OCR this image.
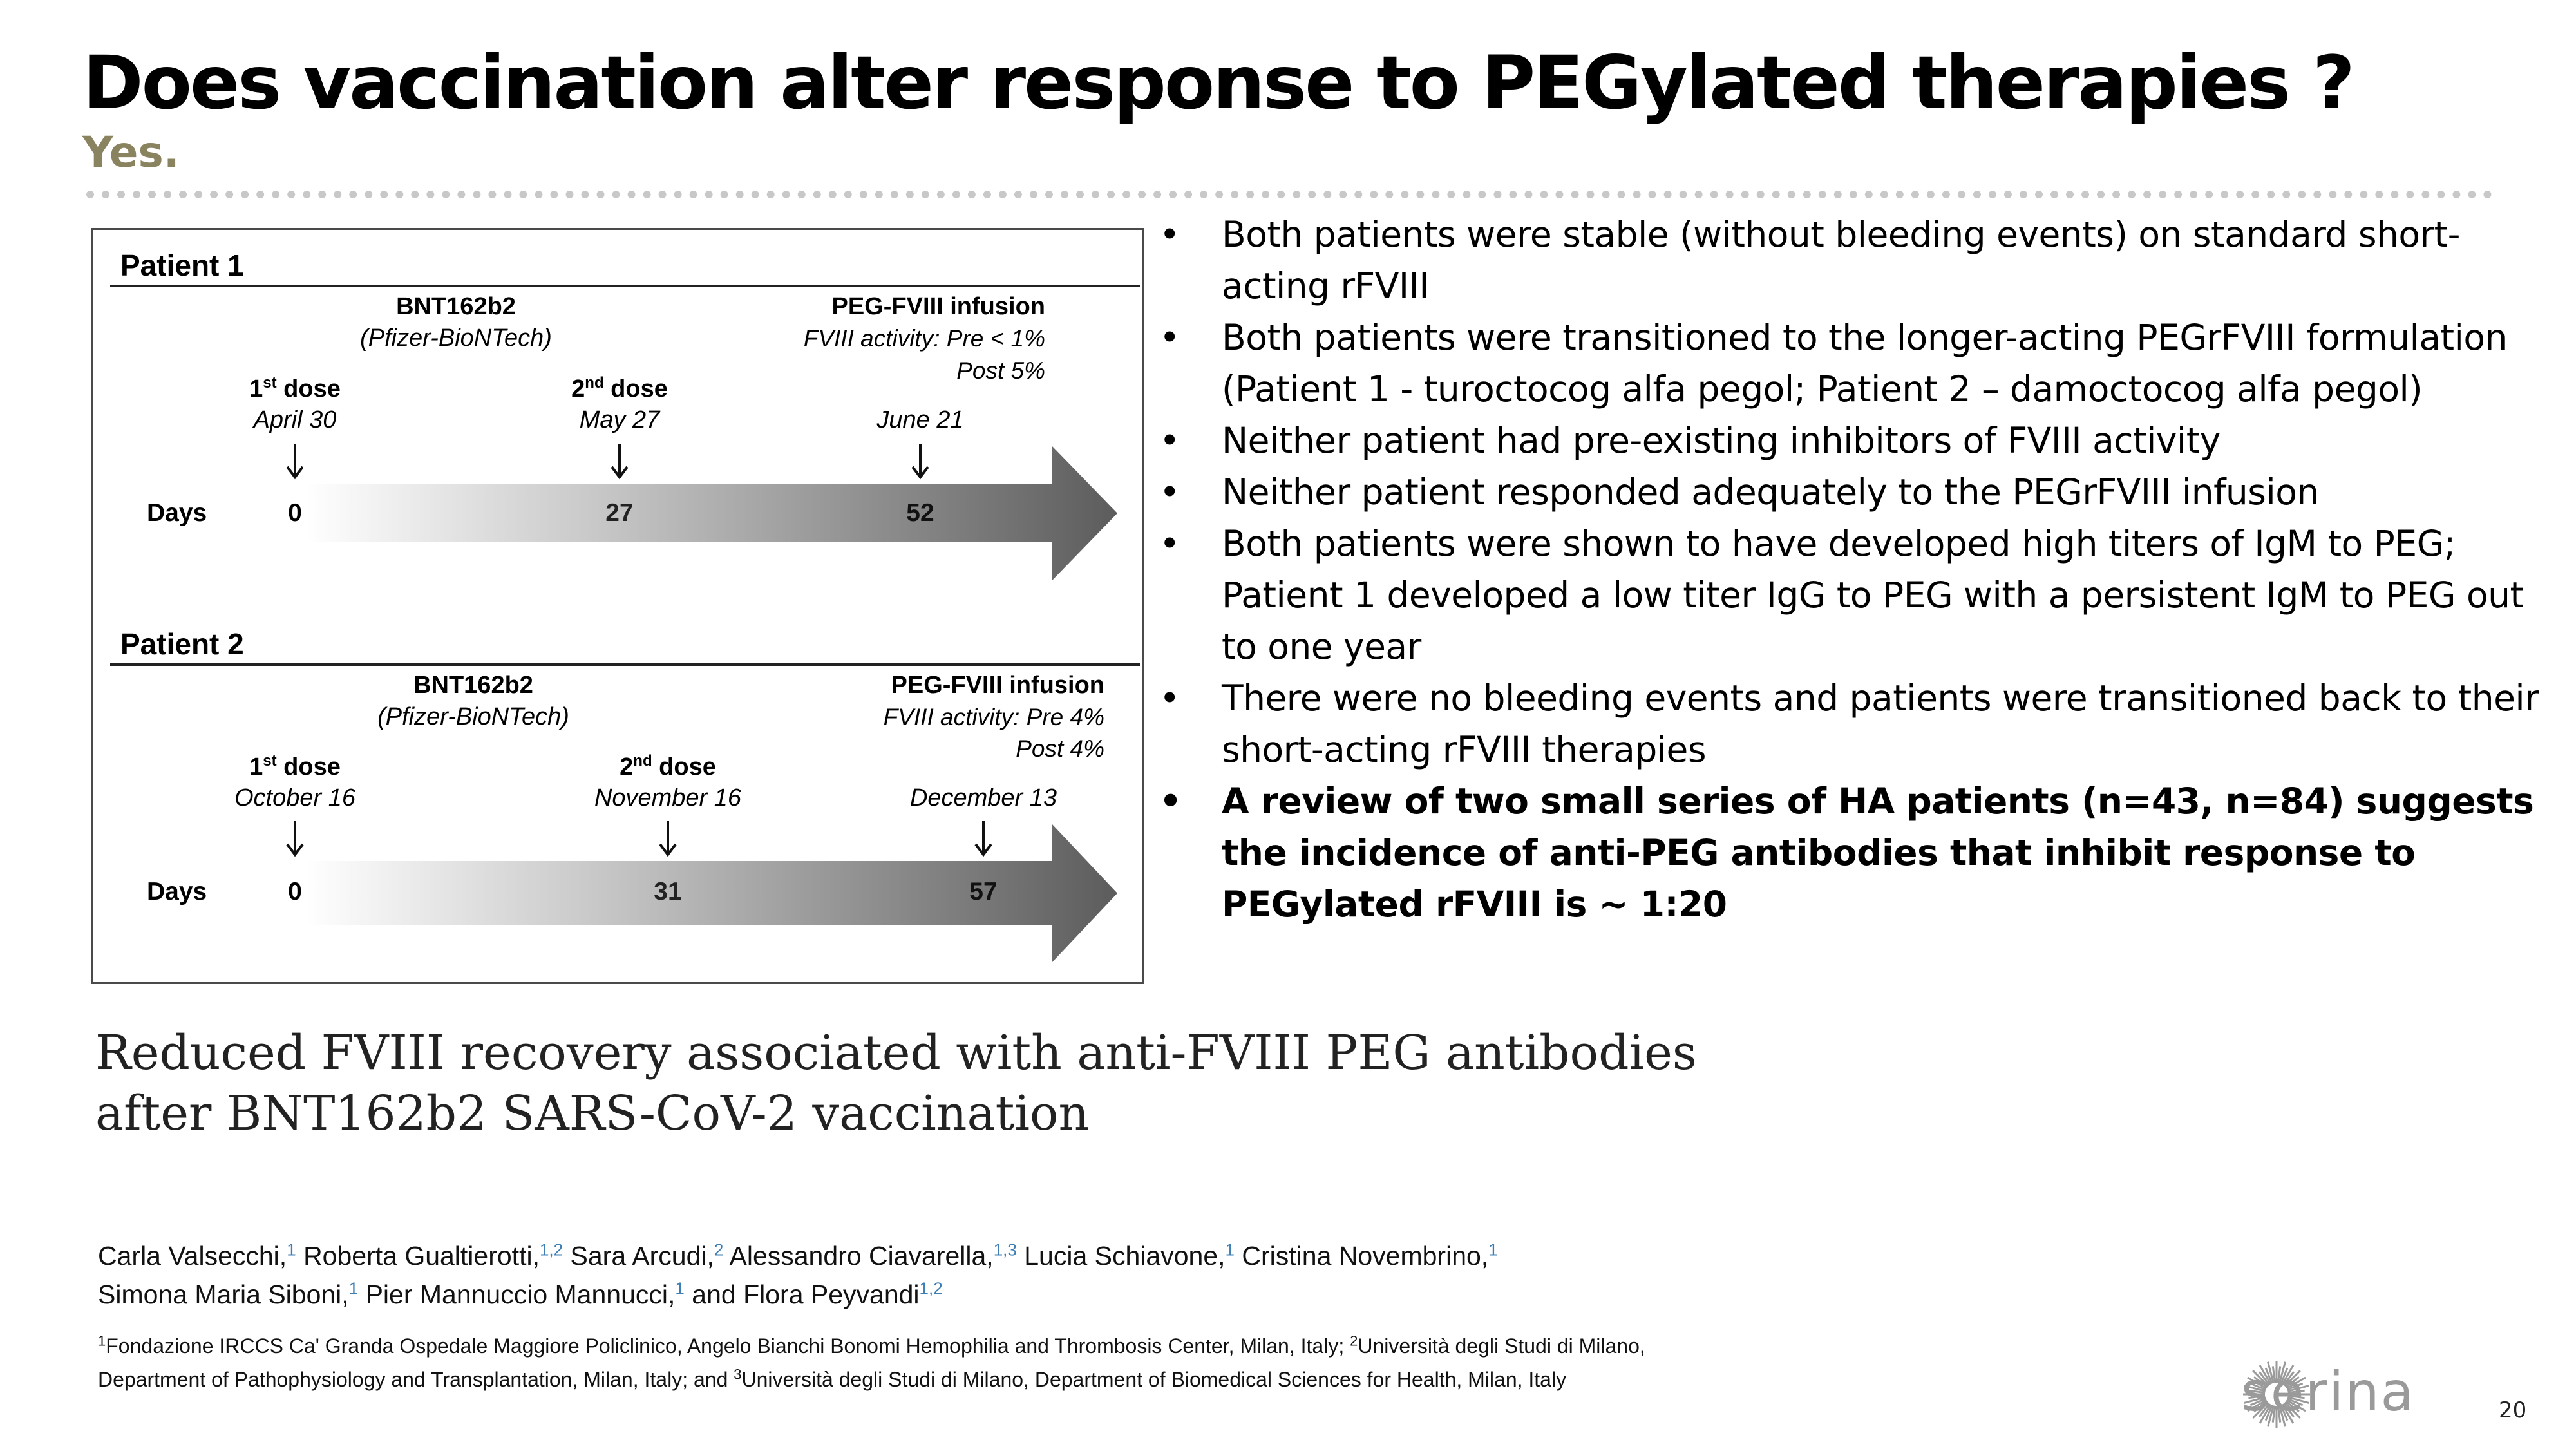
Does vaccination alter response to PEGylated therapies ?
Yes.
Patient 1
BNT162b2
(Pfizer-BioNTech)
PEG-FVIII infusion
FVIII activity: Pre < 1%
Post 5%
1st dose
April 30
2nd dose
May 27	June 21
Days	0	27	52
Patient 2
BNT162b2
(Pfizer-BioNTech)
PEG-FVIII infusion
FVIII activity: Pre 4%
Post 4%
1st dose
October 16
2nd dose
November 16	December 13
Days	0	31	57
•	Both patients were stable (without bleeding events) on standard short-acting rFVIII
•	Both patients were transitioned to the longer-acting PEGrFVIII formulation (Patient 1 - turoctocog alfa pegol; Patient 2 – damoctocog alfa pegol)
•	Neither patient had pre-existing inhibitors of FVIII activity
•	Neither patient responded adequately to the PEGrFVIII infusion
•	Both patients were shown to have developed high titers of IgM to PEG; Patient 1 developed a low titer IgG to PEG with a persistent IgM to PEG out to one year
•	There were no bleeding events and patients were transitioned back to their short-acting rFVIII therapies
•	A review of two small series of HA patients (n=43, n=84) suggests the incidence of anti-PEG antibodies that inhibit response to PEGylated rFVIII is ~ 1:20
Reduced FVIII recovery associated with anti-FVIII PEG antibodies
after BNT162b2 SARS-CoV-2 vaccination
Carla Valsecchi,$^1$ Roberta Gualtierotti,$^{1,2}$ Sara Arcudi,$^2$ Alessandro Ciavarella,$^{1,3}$ Lucia Schiavone,$^1$ Cristina Novembrino,$^1$
Simona Maria Siboni,$^1$ Pier Mannuccio Mannucci,$^1$ and Flora Peyvandi$^{1,2}$
$^1$Fondazione IRCCS Ca' Granda Ospedale Maggiore Policlinico, Angelo Bianchi Bonomi Hemophilia and Thrombosis Center, Milan, Italy; $^2$Università degli Studi di Milano,
Department of Pathophysiology and Transplantation, Milan, Italy; and $^3$Università degli Studi di Milano, Department of Biomedical Sciences for Health, Milan, Italy	serina	20
